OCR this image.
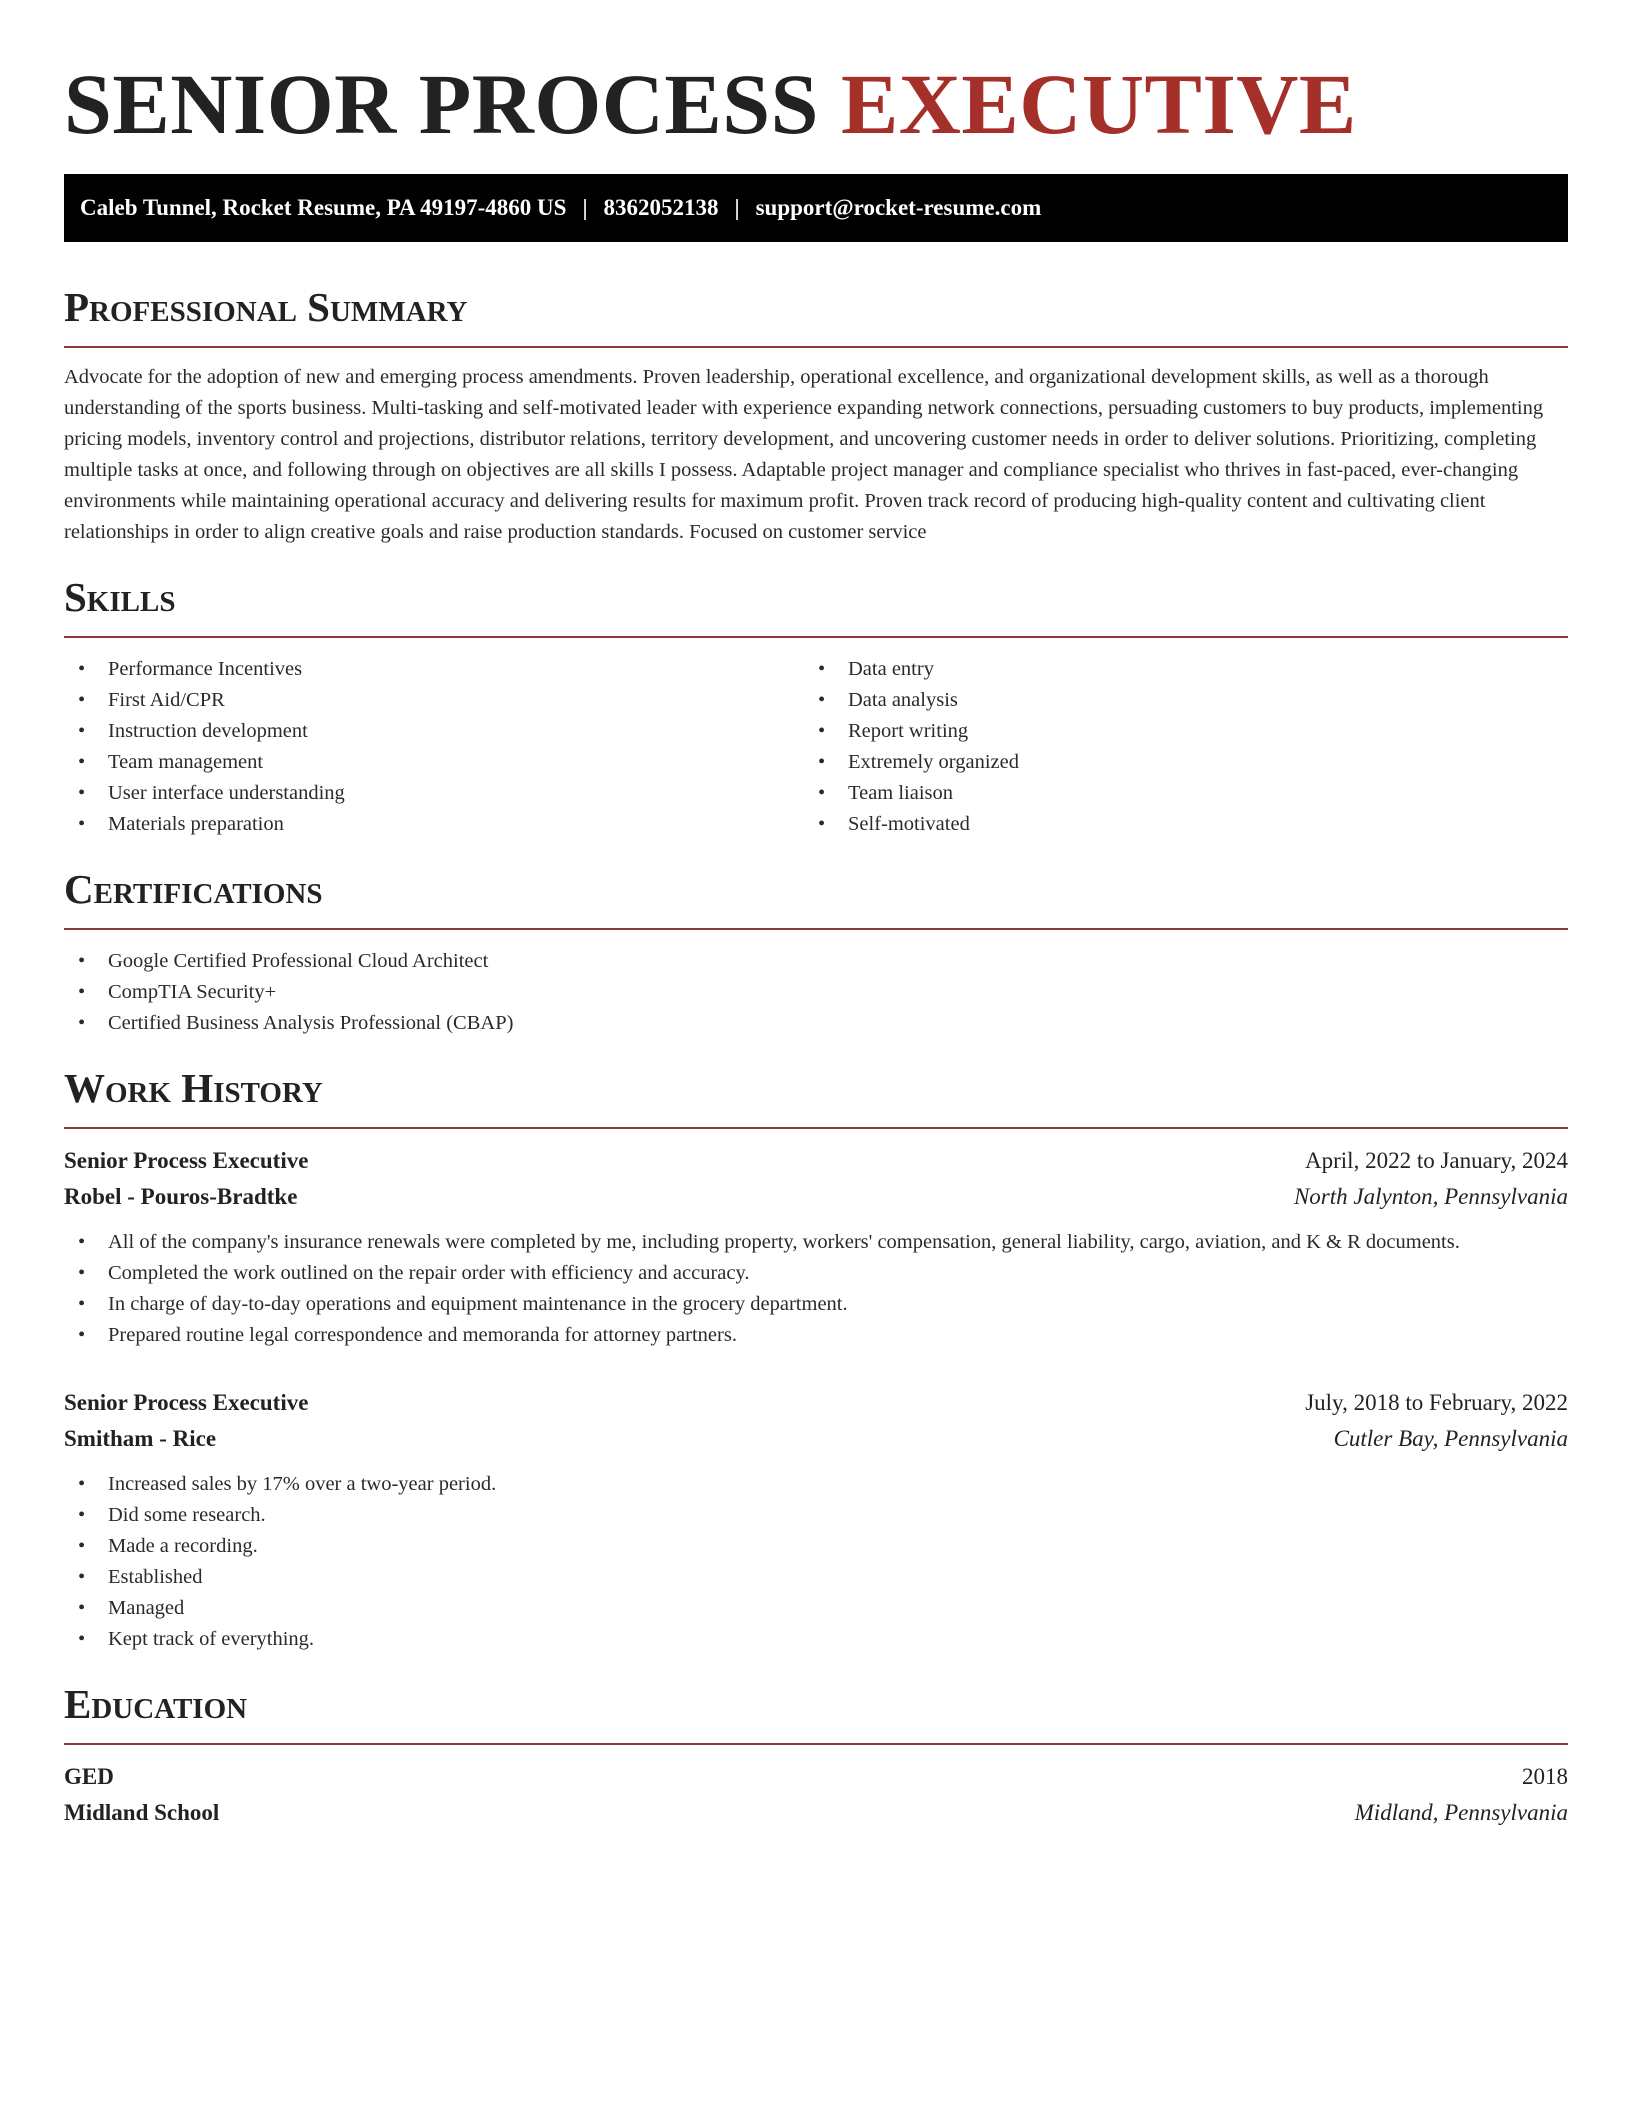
SENIOR PROCESS EXECUTIVE
Caleb Tunnel, Rocket Resume, PA 49197-4860 US | 8362052138 | support@rocket-resume.com
Professional Summary

Advocate for the adoption of new and emerging process amendments. Proven leadership, operational excellence, and organizational development skills, as well as a thorough understanding of the sports business. Multi-tasking and self-motivated leader with experience expanding network connections, persuading customers to buy products, implementing pricing models, inventory control and projections, distributor relations, territory development, and uncovering customer needs in order to deliver solutions. Prioritizing, completing multiple tasks at once, and following through on objectives are all skills I possess. Adaptable project manager and compliance specialist who thrives in fast-paced, ever-changing environments while maintaining operational accuracy and delivering results for maximum profit. Proven track record of producing high-quality content and cultivating client relationships in order to align creative goals and raise production standards. Focused on customer service

Skills
• Performance Incentives
• First Aid/CPR
• Instruction development
• Team management
• User interface understanding
• Materials preparation
• Data entry
• Data analysis
• Report writing
• Extremely organized
• Team liaison
• Self-motivated
Certifications
• Google Certified Professional Cloud Architect
• CompTIA Security+
• Certified Business Analysis Professional (CBAP)
Work History
Senior Process Executive	April, 2022 to January, 2024
Robel - Pouros-Bradtke	North Jalynton, Pennsylvania
• All of the company's insurance renewals were completed by me, including property, workers' compensation, general liability, cargo, aviation, and K & R documents.
• Completed the work outlined on the repair order with efficiency and accuracy.
• In charge of day-to-day operations and equipment maintenance in the grocery department.
• Prepared routine legal correspondence and memoranda for attorney partners.
Senior Process Executive	July, 2018 to February, 2022
Smitham - Rice	Cutler Bay, Pennsylvania
• Increased sales by 17% over a two-year period.
• Did some research.
• Made a recording.
• Established
• Managed
• Kept track of everything.
Education
GED	2018
Midland School	Midland, Pennsylvania
